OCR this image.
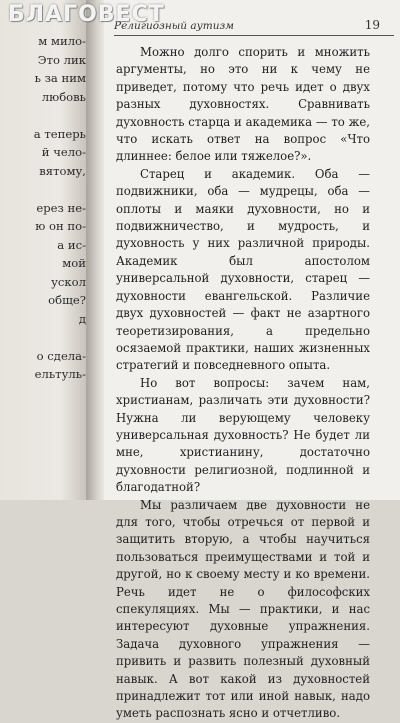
м мило-
Это лик
ь за ним
любовь
а теперь
й чело-
вятому,
ерез не-
ю он по-
а ис-
мой
ускол
обще?
д
о сдела-
ельтуль-
Религиозный аутизм	19

Можно долго спорить и множить аргументы, но это ни к чему не приведет, потому что речь идет о двух разных духовностях. Сравнивать духовность старца и академика — то же, что искать ответ на вопрос «Что длиннее: белое или тяжелое?».

Старец и академик. Оба — подвижники, оба — мудрецы, оба — оплоты и маяки духовности, но и подвижничество, и мудрость, и духовность у них различной природы. Академик был апостолом универсальной духовности, старец — духовности евангельской. Различие двух духовностей — факт не азартного теоретизирования, а предельно осязаемой практики, наших жизненных стратегий и повседневного опыта.

Но вот вопросы: зачем нам, христианам, различать эти духовности? Нужна ли верующему человеку универсальная духовность? Не будет ли мне, христианину, достаточно духовности религиозной, подлинной и благодатной?

Мы различаем две духовности не для того, чтобы отречься от первой и защитить вторую, а чтобы научиться пользоваться преимуществами и той и другой, но к своему месту и ко времени. Речь идет не о философских спекуляциях. Мы — практики, и нас интересуют духовные упражнения. Задача духовного упражнения — привить и развить полезный духовный навык. А вот какой из духовностей принадлежит тот или иной навык, надо уметь распознать ясно и отчетливо.

БЛАГОВЕСТ
